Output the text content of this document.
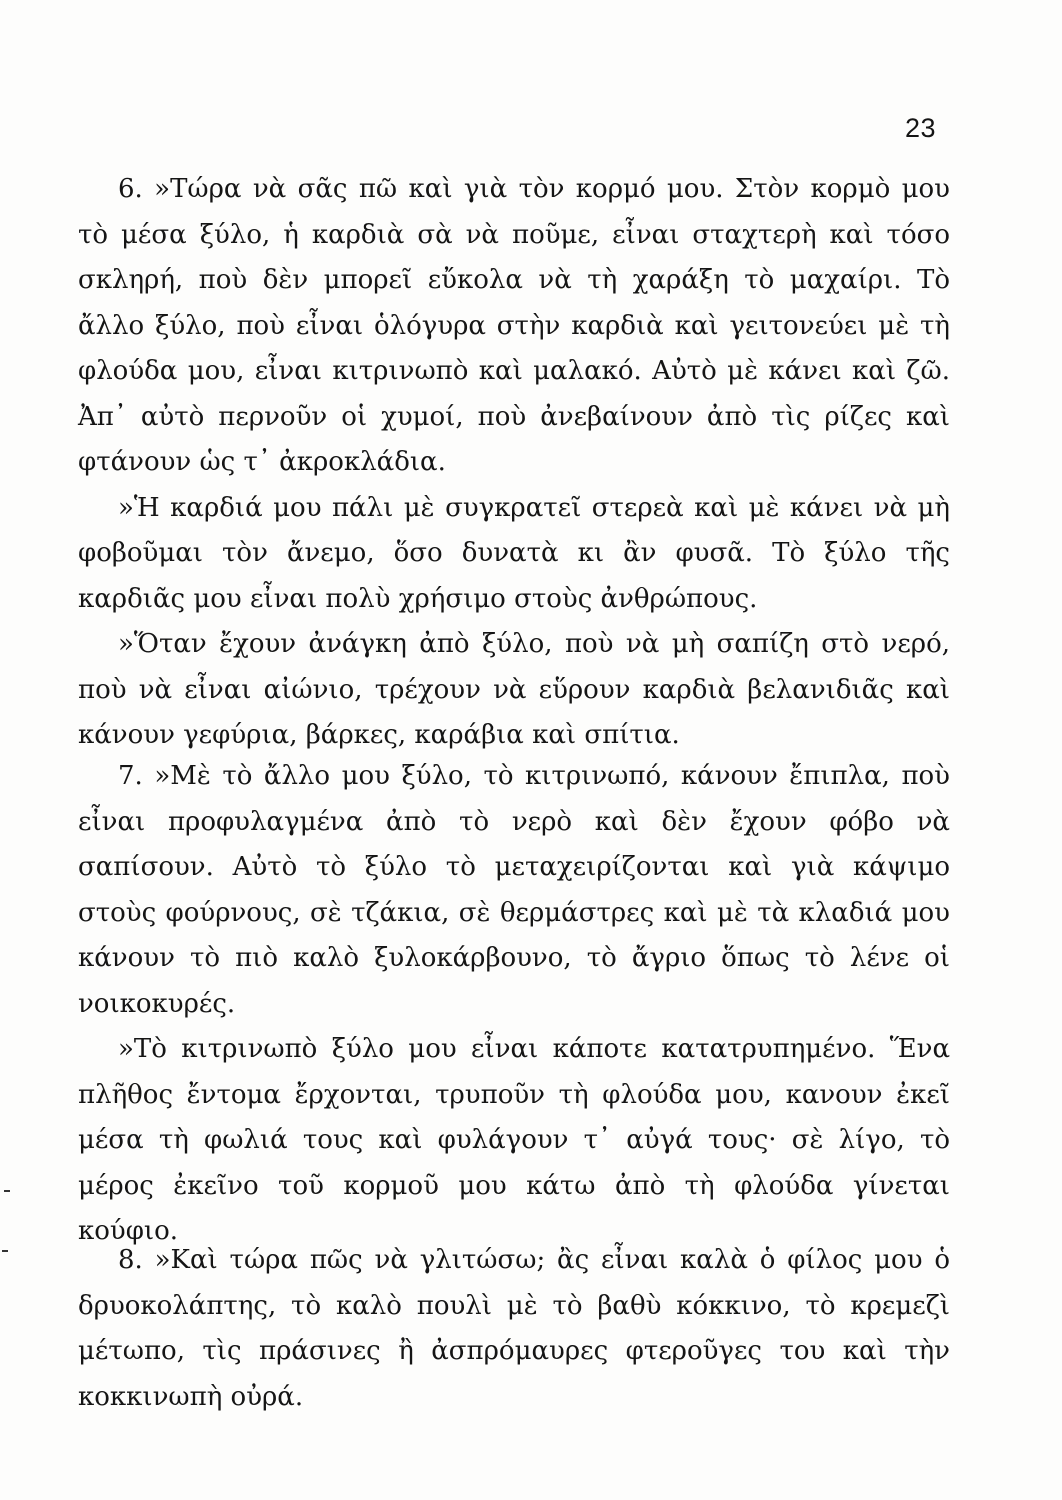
23

6. »Τώρα νὰ σᾶς πῶ καὶ γιὰ τὸν κορμό μου. Στὸν κορμὸ μου τὸ μέσα ξύλο, ἡ καρδιὰ σὰ νὰ ποῦμε, εἶναι σταχτερὴ καὶ τόσο σκληρή, ποὺ δὲν μπορεῖ εὔκολα νὰ τὴ χαράξη τὸ μαχαίρι. Τὸ ἄλλο ξύλο, ποὺ εἶναι ὁλόγυρα στὴν καρδιὰ καὶ γειτονεύει μὲ τὴ φλούδα μου, εἶναι κιτρινωπὸ καὶ μαλακό. Αὐτὸ μὲ κάνει καὶ ζῶ. Ἀπ᾿ αὐτὸ περνοῦν οἱ χυμοί, ποὺ ἀνεβαίνουν ἀπὸ τὶς ρίζες καὶ φτάνουν ὡς τ᾿ ἀκροκλάδια.

»Ἡ καρδιά μου πάλι μὲ συγκρατεῖ στερεὰ καὶ μὲ κάνει νὰ μὴ φοβοῦμαι τὸν ἄνεμο, ὅσο δυνατὰ κι ἂν φυσᾶ. Τὸ ξύλο τῆς καρδιᾶς μου εἶναι πολὺ χρήσιμο στοὺς ἀνθρώπους.

»Ὅταν ἔχουν ἀνάγκη ἀπὸ ξύλο, ποὺ νὰ μὴ σαπίζη στὸ νερό, ποὺ νὰ εἶναι αἰώνιο, τρέχουν νὰ εὕρουν καρδιὰ βελανιδιᾶς καὶ κάνουν γεφύρια, βάρκες, καράβια καὶ σπίτια.

7. »Μὲ τὸ ἄλλο μου ξύλο, τὸ κιτρινωπό, κάνουν ἔπιπλα, ποὺ εἶναι προφυλαγμένα ἀπὸ τὸ νερὸ καὶ δὲν ἔχουν φόβο νὰ σαπίσουν. Αὐτὸ τὸ ξύλο τὸ μεταχειρίζονται καὶ γιὰ κάψιμο στοὺς φούρνους, σὲ τζάκια, σὲ θερμάστρες καὶ μὲ τὰ κλαδιά μου κάνουν τὸ πιὸ καλὸ ξυλοκάρβουνο, τὸ ἄγριο ὅπως τὸ λένε οἱ νοικοκυρές.

»Τὸ κιτρινωπὸ ξύλο μου εἶναι κάποτε κατατρυπημένο. Ἕνα πλῆθος ἔντομα ἔρχονται, τρυποῦν τὴ φλούδα μου, κανουν ἐκεῖ μέσα τὴ φωλιά τους καὶ φυλάγουν τ᾿ αὐγά τους· σὲ λίγο, τὸ μέρος ἐκεῖνο τοῦ κορμοῦ μου κάτω ἀπὸ τὴ φλούδα γίνεται κούφιο.

8. »Καὶ τώρα πῶς νὰ γλιτώσω; ἂς εἶναι καλὰ ὁ φίλος μου ὁ δρυοκολάπτης, τὸ καλὸ πουλὶ μὲ τὸ βαθὺ κόκκινο, τὸ κρεμεζὶ μέτωπο, τὶς πράσινες ἢ ἀσπρόμαυρες φτεροῦγες του καὶ τὴν κοκκινωπὴ οὐρά.
